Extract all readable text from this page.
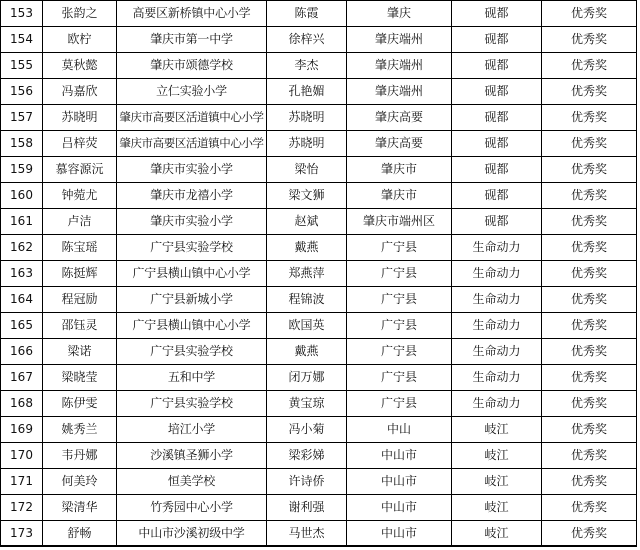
153	张韵之	高要区新桥镇中心小学	陈霞	肇庆	砚都	优秀奖
154	欧柠	肇庆市第一中学	徐梓兴	肇庆端州	砚都	优秀奖
155	莫秋懿	肇庆市颂德学校	李杰	肇庆端州	砚都	优秀奖
156	冯嘉欣	立仁实验小学	孔艳媚	肇庆端州	砚都	优秀奖
157	苏晓明	肇庆市高要区活道镇中心小学	苏晓明	肇庆高要	砚都	优秀奖
158	吕梓荧	肇庆市高要区活道镇中心小学	苏晓明	肇庆高要	砚都	优秀奖
159	慕容源沅	肇庆市实验小学	梁怡	肇庆市	砚都	优秀奖
160	钟菀尤	肇庆市龙禧小学	梁文狮	肇庆市	砚都	优秀奖
161	卢洁	肇庆市实验小学	赵斌	肇庆市端州区	砚都	优秀奖
162	陈宝瑶	广宁县实验学校	戴燕	广宁县	生命动力	优秀奖
163	陈挺辉	广宁县横山镇中心小学	郑燕萍	广宁县	生命动力	优秀奖
164	程冠励	广宁县新城小学	程锦波	广宁县	生命动力	优秀奖
165	邵钰灵	广宁县横山镇中心小学	欧国英	广宁县	生命动力	优秀奖
166	梁诺	广宁县实验学校	戴燕	广宁县	生命动力	优秀奖
167	梁晓莹	五和中学	闭万娜	广宁县	生命动力	优秀奖
168	陈伊雯	广宁县实验学校	黄宝琼	广宁县	生命动力	优秀奖
169	姚秀兰	培江小学	冯小菊	中山	岐江	优秀奖
170	韦丹娜	沙溪镇圣狮小学	梁彩娣	中山市	岐江	优秀奖
171	何美玲	恒美学校	许诗侨	中山市	岐江	优秀奖
172	梁清华	竹秀园中心小学	谢利强	中山市	岐江	优秀奖
173	舒畅	中山市沙溪初级中学	马世杰	中山市	岐江	优秀奖
